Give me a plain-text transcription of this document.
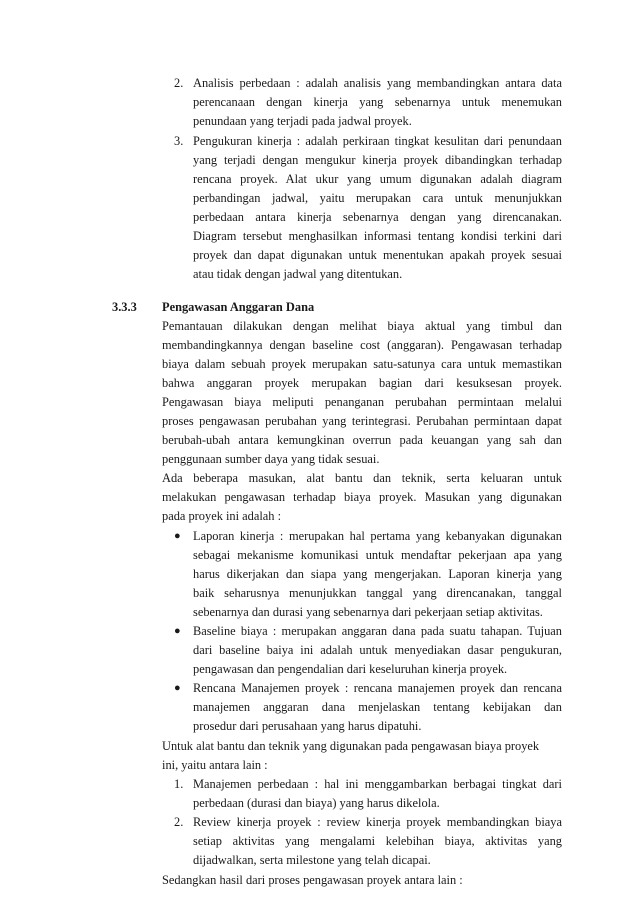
2. Analisis perbedaan : adalah analisis yang membandingkan antara data
perencanaan dengan kinerja yang sebenarnya untuk menemukan
penundaan yang terjadi pada jadwal proyek.
3. Pengukuran kinerja : adalah perkiraan tingkat kesulitan dari penundaan
yang terjadi dengan mengukur kinerja proyek dibandingkan terhadap
rencana proyek. Alat ukur yang umum digunakan adalah diagram
perbandingan jadwal, yaitu merupakan cara untuk menunjukkan
perbedaan antara kinerja sebenarnya dengan yang direncanakan.
Diagram tersebut menghasilkan informasi tentang kondisi terkini dari
proyek dan dapat digunakan untuk menentukan apakah proyek sesuai
atau tidak dengan jadwal yang ditentukan.
3.3.3 Pengawasan Anggaran Dana
Pemantauan dilakukan dengan melihat biaya aktual yang timbul dan
membandingkannya dengan baseline cost (anggaran). Pengawasan terhadap
biaya dalam sebuah proyek merupakan satu-satunya cara untuk memastikan
bahwa anggaran proyek merupakan bagian dari kesuksesan proyek.
Pengawasan biaya meliputi penanganan perubahan permintaan melalui
proses pengawasan perubahan yang terintegrasi. Perubahan permintaan dapat
berubah-ubah antara kemungkinan overrun pada keuangan yang sah dan
penggunaan sumber daya yang tidak sesuai.
Ada beberapa masukan, alat bantu dan teknik, serta keluaran untuk
melakukan pengawasan terhadap biaya proyek. Masukan yang digunakan
pada proyek ini adalah :
● Laporan kinerja : merupakan hal pertama yang kebanyakan digunakan
sebagai mekanisme komunikasi untuk mendaftar pekerjaan apa yang
harus dikerjakan dan siapa yang mengerjakan. Laporan kinerja yang
baik seharusnya menunjukkan tanggal yang direncanakan, tanggal
sebenarnya dan durasi yang sebenarnya dari pekerjaan setiap aktivitas.
● Baseline biaya : merupakan anggaran dana pada suatu tahapan. Tujuan
dari baseline baiya ini adalah untuk menyediakan dasar pengukuran,
pengawasan dan pengendalian dari keseluruhan kinerja proyek.
● Rencana Manajemen proyek : rencana manajemen proyek dan rencana
manajemen anggaran dana menjelaskan tentang kebijakan dan
prosedur dari perusahaan yang harus dipatuhi.
Untuk alat bantu dan teknik yang digunakan pada pengawasan biaya proyek
ini, yaitu antara lain :
1. Manajemen perbedaan : hal ini menggambarkan berbagai tingkat dari
perbedaan (durasi dan biaya) yang harus dikelola.
2. Review kinerja proyek : review kinerja proyek membandingkan biaya
setiap aktivitas yang mengalami kelebihan biaya, aktivitas yang
dijadwalkan, serta milestone yang telah dicapai.
Sedangkan hasil dari proses pengawasan proyek antara lain :
